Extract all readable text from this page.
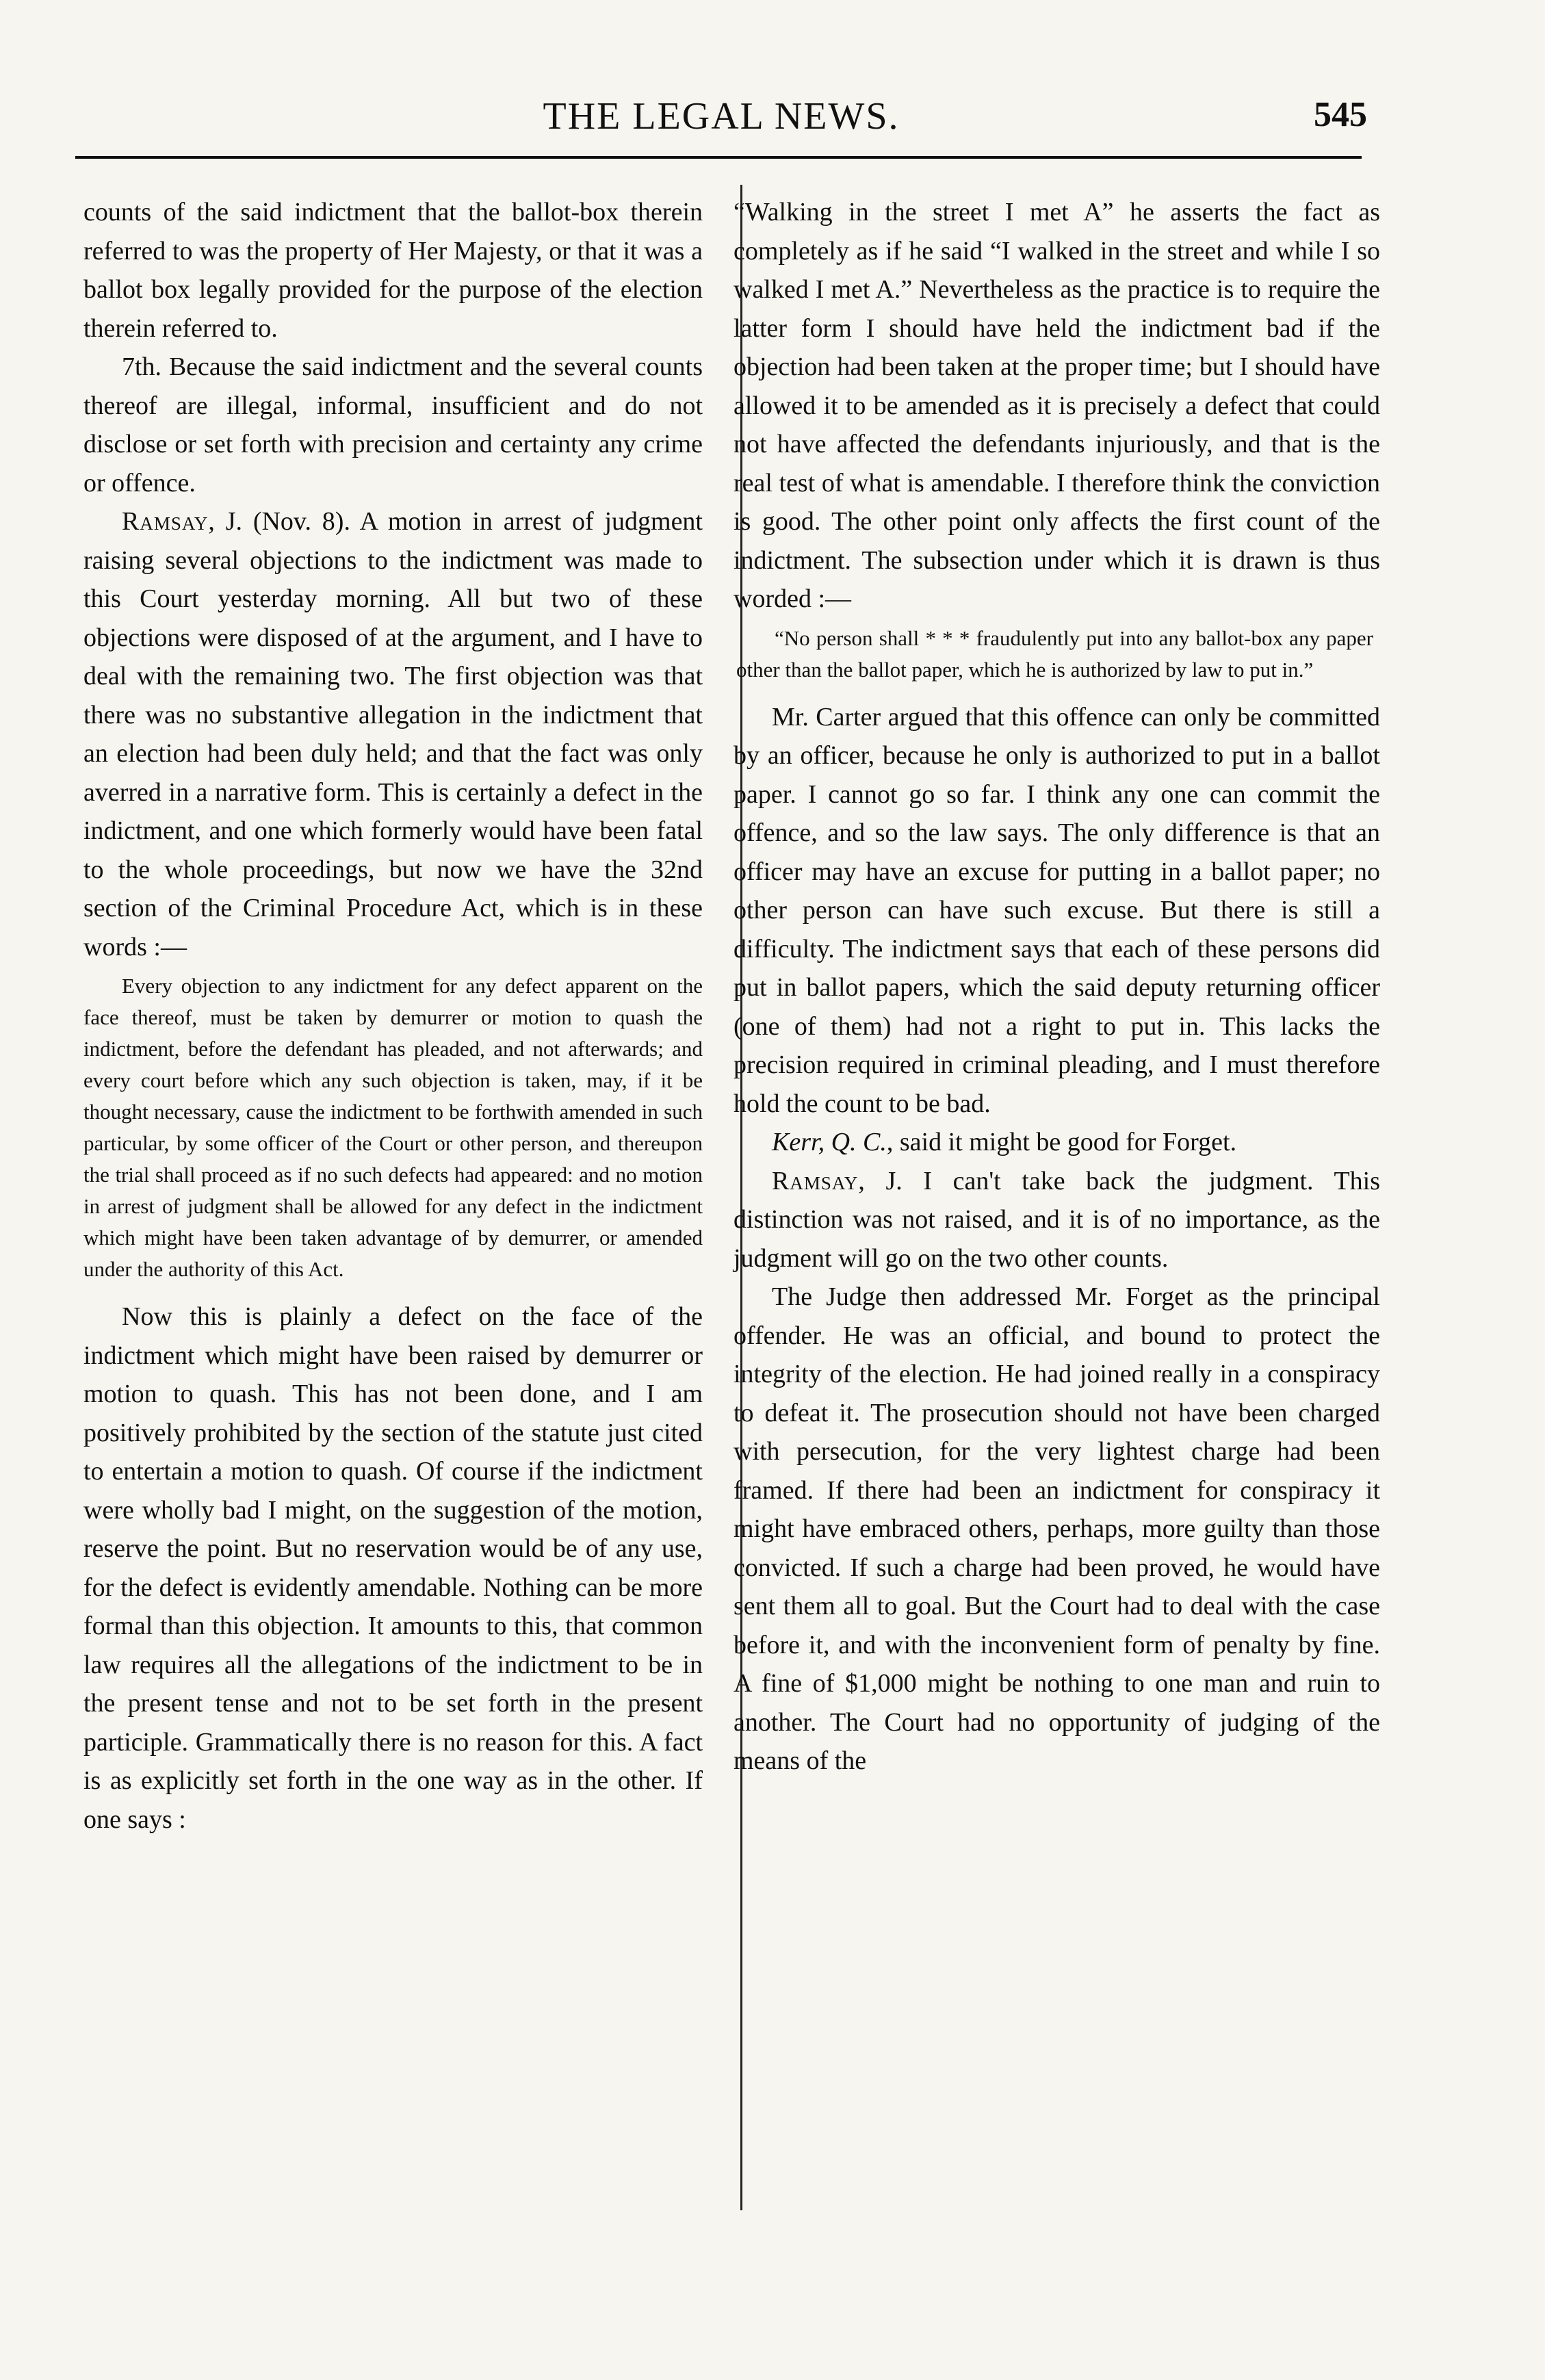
THE LEGAL NEWS.	545

counts of the said indictment that the ballot-box therein referred to was the property of Her Majesty, or that it was a ballot box legally provided for the purpose of the election therein referred to.

7th. Because the said indictment and the several counts thereof are illegal, informal, insufficient and do not disclose or set forth with precision and certainty any crime or offence.

Ramsay, J. (Nov. 8). A motion in arrest of judgment raising several objections to the indictment was made to this Court yesterday morning. All but two of these objections were disposed of at the argument, and I have to deal with the remaining two. The first objection was that there was no substantive allegation in the indictment that an election had been duly held; and that the fact was only averred in a narrative form. This is certainly a defect in the indictment, and one which formerly would have been fatal to the whole proceedings, but now we have the 32nd section of the Criminal Procedure Act, which is in these words :—

Every objection to any indictment for any defect apparent on the face thereof, must be taken by demurrer or motion to quash the indictment, before the defendant has pleaded, and not afterwards; and every court before which any such objection is taken, may, if it be thought necessary, cause the indictment to be forthwith amended in such particular, by some officer of the Court or other person, and thereupon the trial shall proceed as if no such defects had appeared: and no motion in arrest of judgment shall be allowed for any defect in the indictment which might have been taken advantage of by demurrer, or amended under the authority of this Act.

Now this is plainly a defect on the face of the indictment which might have been raised by demurrer or motion to quash. This has not been done, and I am positively prohibited by the section of the statute just cited to entertain a motion to quash. Of course if the indictment were wholly bad I might, on the suggestion of the motion, reserve the point. But no reservation would be of any use, for the defect is evidently amendable. Nothing can be more formal than this objection. It amounts to this, that common law requires all the allegations of the indictment to be in the present tense and not to be set forth in the present participle. Grammatically there is no reason for this. A fact is as explicitly set forth in the one way as in the other. If one says :

“Walking in the street I met A” he asserts the fact as completely as if he said “I walked in the street and while I so walked I met A.” Nevertheless as the practice is to require the latter form I should have held the indictment bad if the objection had been taken at the proper time; but I should have allowed it to be amended as it is precisely a defect that could not have affected the defendants injuriously, and that is the real test of what is amendable. I therefore think the conviction is good. The other point only affects the first count of the indictment. The subsection under which it is drawn is thus worded :—

“No person shall * * * fraudulently put into any ballot-box any paper other than the ballot paper, which he is authorized by law to put in.”

Mr. Carter argued that this offence can only be committed by an officer, because he only is authorized to put in a ballot paper. I cannot go so far. I think any one can commit the offence, and so the law says. The only difference is that an officer may have an excuse for putting in a ballot paper; no other person can have such excuse. But there is still a difficulty. The indictment says that each of these persons did put in ballot papers, which the said deputy returning officer (one of them) had not a right to put in. This lacks the precision required in criminal pleading, and I must therefore hold the count to be bad.

Kerr, Q. C., said it might be good for Forget.

Ramsay, J. I can't take back the judgment. This distinction was not raised, and it is of no importance, as the judgment will go on the two other counts.

The Judge then addressed Mr. Forget as the principal offender. He was an official, and bound to protect the integrity of the election. He had joined really in a conspiracy to defeat it. The prosecution should not have been charged with persecution, for the very lightest charge had been framed. If there had been an indictment for conspiracy it might have embraced others, perhaps, more guilty than those convicted. If such a charge had been proved, he would have sent them all to goal. But the Court had to deal with the case before it, and with the inconvenient form of penalty by fine. A fine of $1,000 might be nothing to one man and ruin to another. The Court had no opportunity of judging of the means of the
